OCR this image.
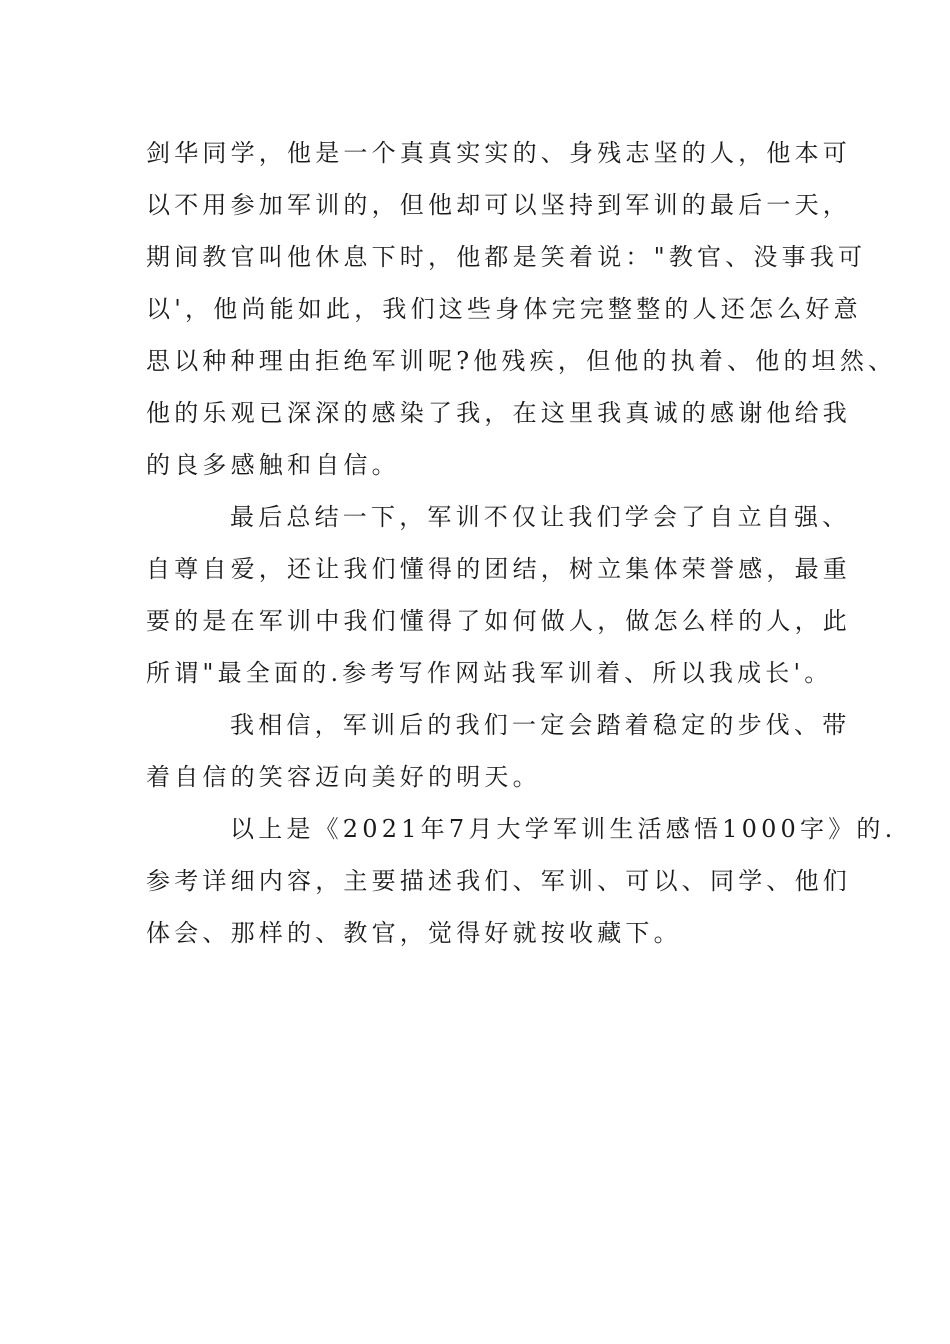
剑华同学，他是一个真真实实的、身残志坚的人，他本可
以不用参加军训的，但他却可以坚持到军训的最后一天，
期间教官叫他休息下时，他都是笑着说："教官、没事我可
以'，他尚能如此，我们这些身体完完整整的人还怎么好意
思以种种理由拒绝军训呢?他残疾，但他的执着、他的坦然、
他的乐观已深深的感染了我，在这里我真诚的感谢他给我
的良多感触和自信。
最后总结一下，军训不仅让我们学会了自立自强、
自尊自爱，还让我们懂得的团结，树立集体荣誉感，最重
要的是在军训中我们懂得了如何做人，做怎么样的人，此
所谓"最全面的.参考写作网站我军训着、所以我成长'。
我相信，军训后的我们一定会踏着稳定的步伐、带
着自信的笑容迈向美好的明天。
以上是《2021年7月大学军训生活感悟1000字》的.
参考详细内容，主要描述我们、军训、可以、同学、他们
体会、那样的、教官，觉得好就按收藏下。
